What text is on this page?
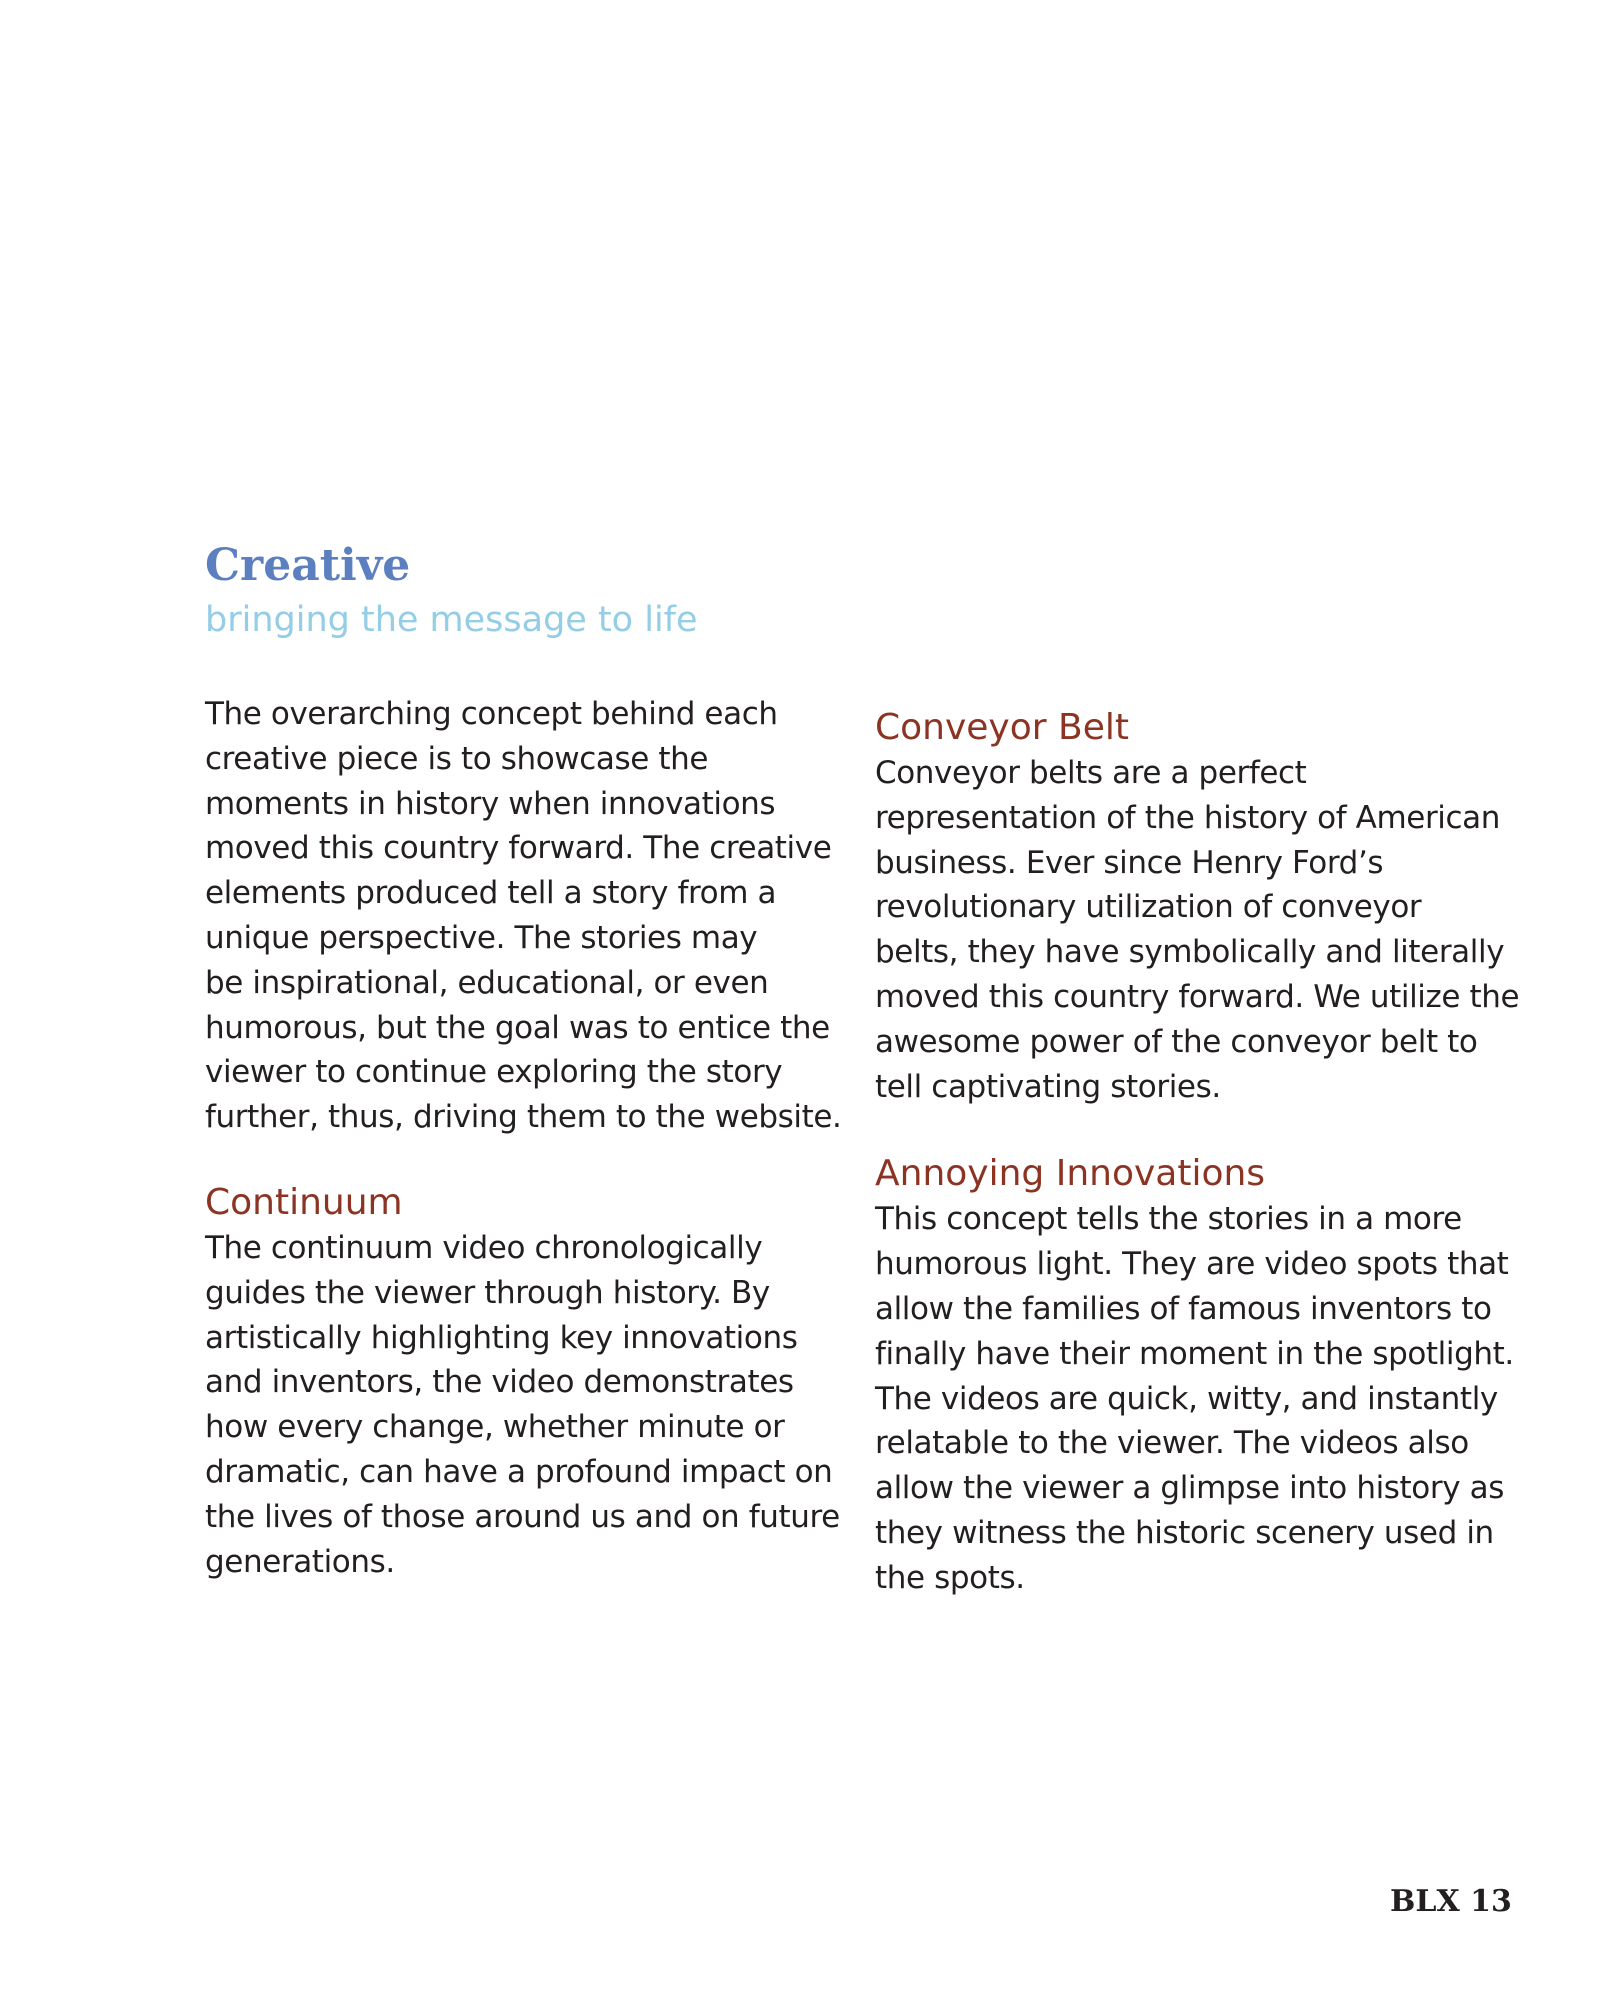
Creative

bringing the message to life

The overarching concept behind each
creative piece is to showcase the
moments in history when innovations
moved this country forward. The creative
elements produced tell a story from a
unique perspective. The stories may
be inspirational, educational, or even
humorous, but the goal was to entice the
viewer to continue exploring the story
further, thus, driving them to the website.
Continuum
The continuum video chronologically
guides the viewer through history. By
artistically highlighting key innovations
and inventors, the video demonstrates
how every change, whether minute or
dramatic, can have a profound impact on
the lives of those around us and on future
generations.
Conveyor Belt
Conveyor belts are a perfect
representation of the history of American
business. Ever since Henry Ford’s
revolutionary utilization of conveyor
belts, they have symbolically and literally
moved this country forward. We utilize the
awesome power of the conveyor belt to
tell captivating stories.
Annoying Innovations
This concept tells the stories in a more
humorous light. They are video spots that
allow the families of famous inventors to
finally have their moment in the spotlight.
The videos are quick, witty, and instantly
relatable to the viewer. The videos also
allow the viewer a glimpse into history as
they witness the historic scenery used in
the spots.

BLX 13
